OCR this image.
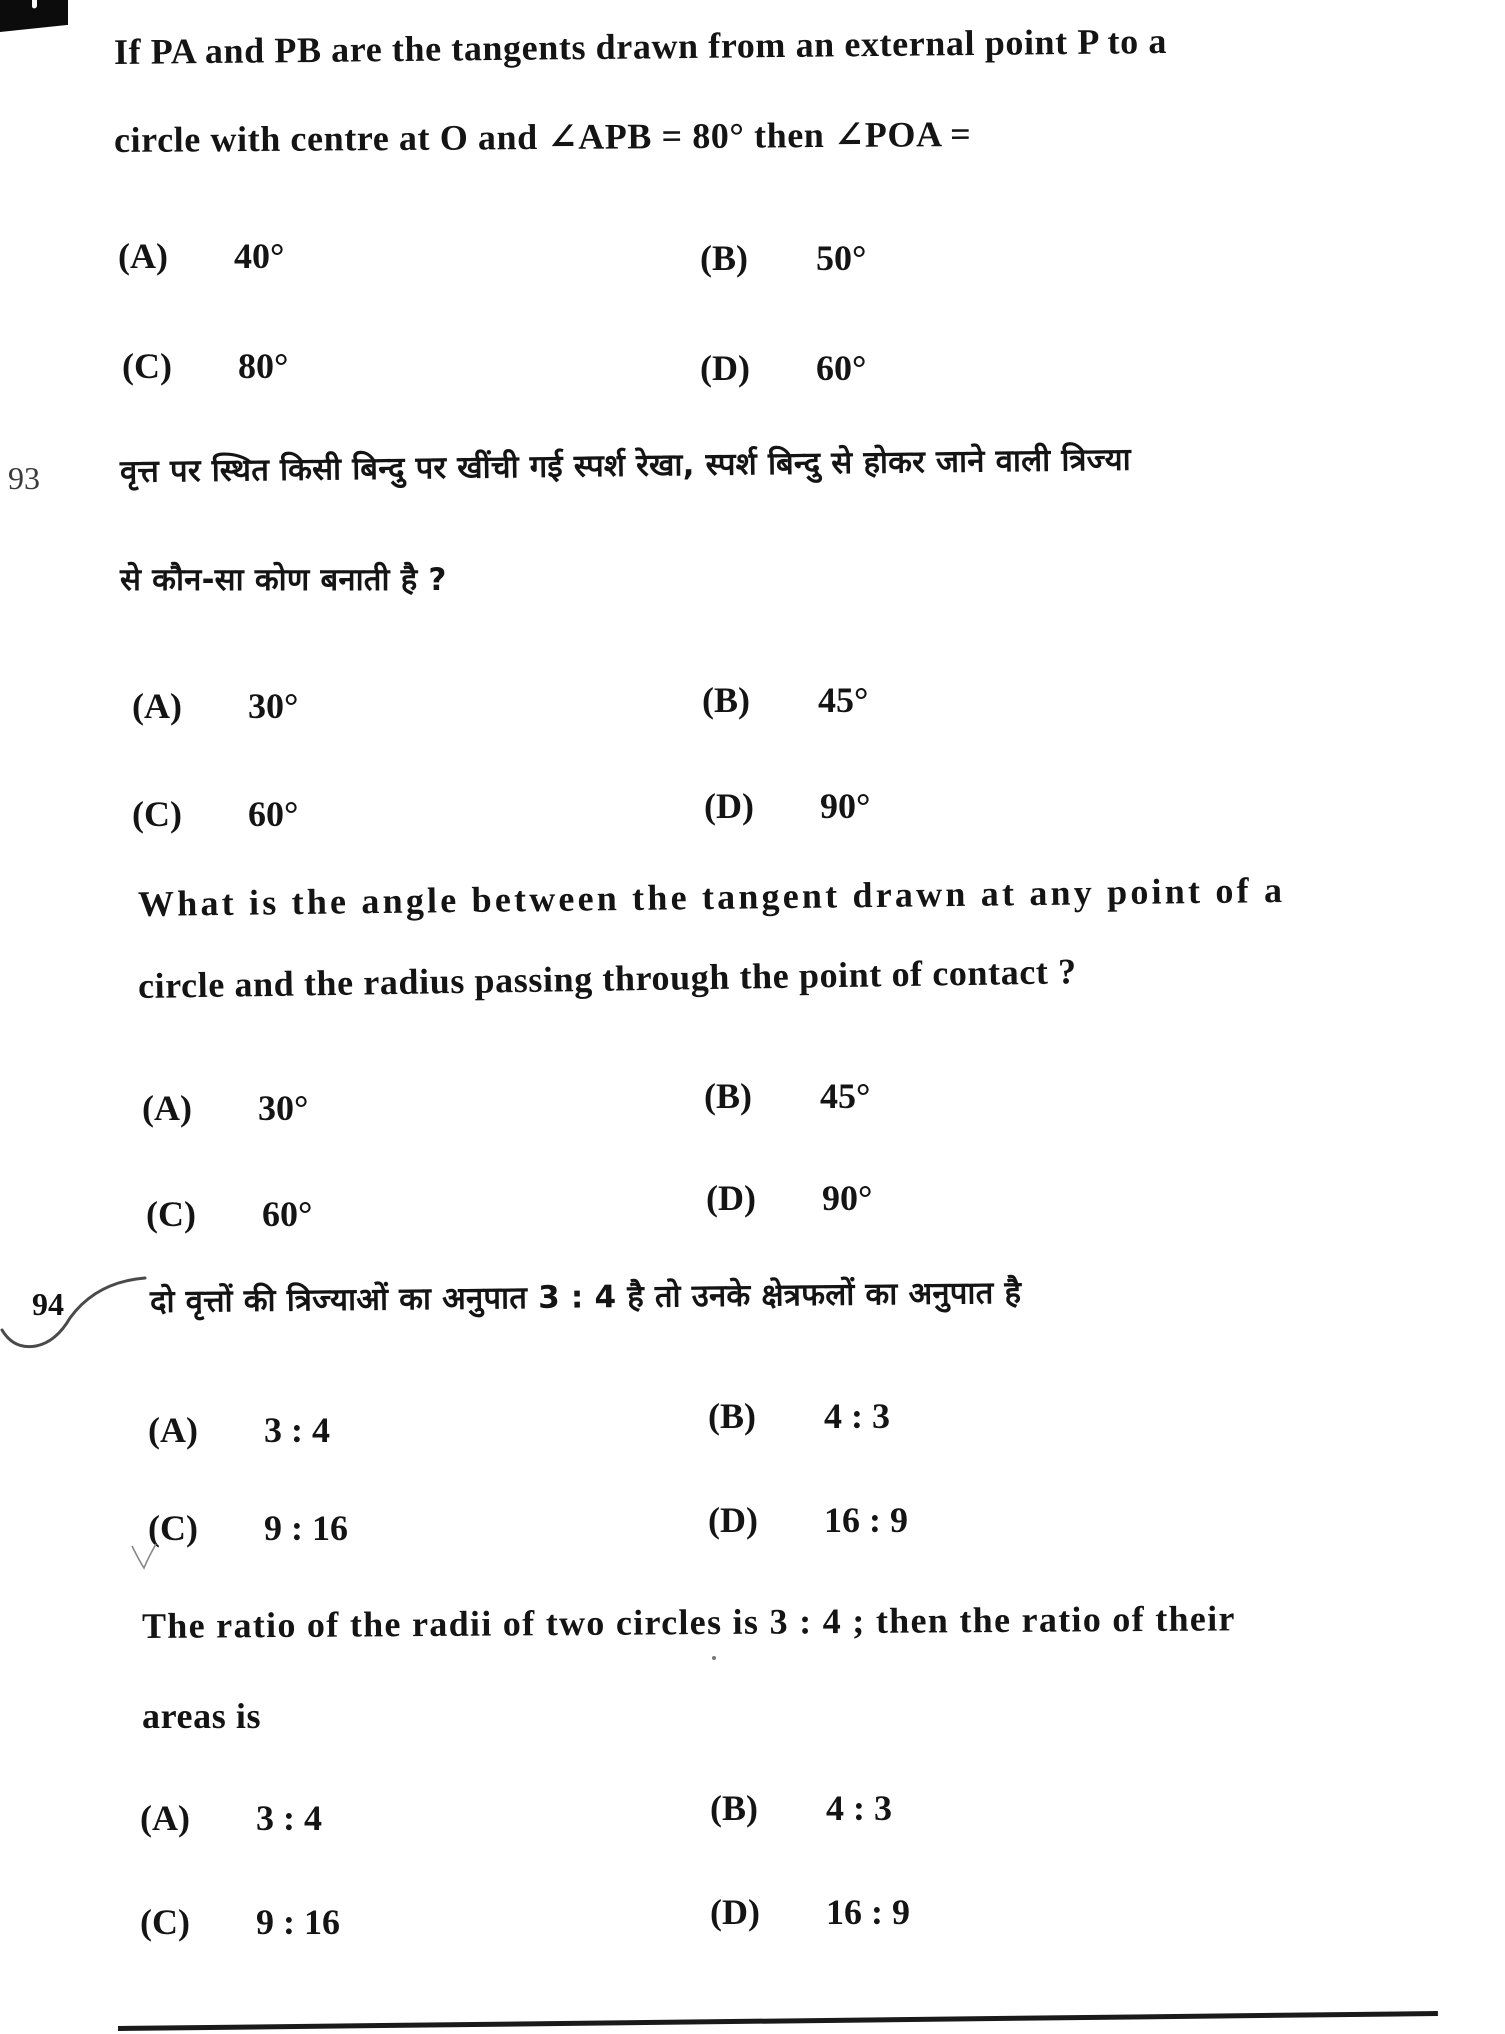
If PA and PB are the tangents drawn from an external point P to a
circle with centre at O and ∠APB = 80° then ∠POA =
(A)	40°	(B)	50°
(C)	80°	(D)	60°
93	वृत्त पर स्थित किसी बिन्दु पर खींची गई स्पर्श रेखा, स्पर्श बिन्दु से होकर जाने वाली त्रिज्या
से कौन-सा कोण बनाती है ?
(A)	30°	(B)	45°
(C)	60°	(D)	90°
What is the angle between the tangent drawn at any point of a
circle and the radius passing through the point of contact ?
(A)	30°	(B)	45°
(C)	60°	(D)	90°
94	दो वृत्तों की त्रिज्याओं का अनुपात 3 : 4 है तो उनके क्षेत्रफलों का अनुपात है
(A)	3 : 4	(B)	4 : 3
(C)	9 : 16	(D)	16 : 9
The ratio of the radii of two circles is 3 : 4 ; then the ratio of their
areas is
(A)	3 : 4	(B)	4 : 3
(C)	9 : 16	(D)	16 : 9
